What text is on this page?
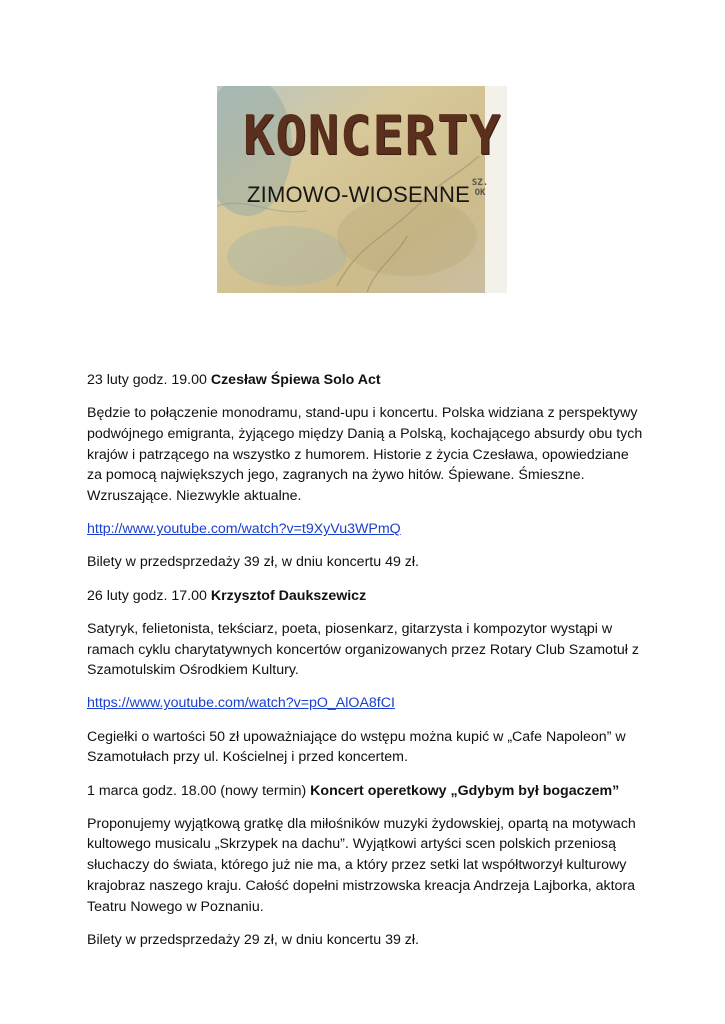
KONCERTY
ZIMOWO-WIOSENNE SZ. OK

23 luty godz. 19.00 Czesław Śpiewa Solo Act

Będzie to połączenie monodramu, stand-upu i koncertu. Polska widziana z perspektywy podwójnego emigranta, żyjącego między Danią a Polską, kochającego absurdy obu tych krajów i patrzącego na wszystko z humorem. Historie z życia Czesława, opowiedziane za pomocą największych jego, zagranych na żywo hitów. Śpiewane. Śmieszne. Wzruszające. Niezwykle aktualne.

http://www.youtube.com/watch?v=t9XyVu3WPmQ

Bilety w przedsprzedaży 39 zł, w dniu koncertu 49 zł.

26 luty godz. 17.00 Krzysztof Daukszewicz

Satyryk, felietonista, tekściarz, poeta, piosenkarz, gitarzysta i kompozytor wystąpi w ramach cyklu charytatywnych koncertów organizowanych przez Rotary Club Szamotuł z Szamotulskim Ośrodkiem Kultury.

https://www.youtube.com/watch?v=pO_AlOA8fCI

Cegiełki o wartości 50 zł upoważniające do wstępu można kupić w „Cafe Napoleon” w Szamotułach przy ul. Kościelnej i przed koncertem.

1 marca godz. 18.00 (nowy termin) Koncert operetkowy „Gdybym był bogaczem”

Proponujemy wyjątkową gratkę dla miłośników muzyki żydowskiej, opartą na motywach kultowego musicalu „Skrzypek na dachu”. Wyjątkowi artyści scen polskich przeniosą słuchaczy do świata, którego już nie ma, a który przez setki lat współtworzył kulturowy krajobraz naszego kraju. Całość dopełni mistrzowska kreacja Andrzeja Lajborka, aktora Teatru Nowego w Poznaniu.

Bilety w przedsprzedaży 29 zł, w dniu koncertu 39 zł.
